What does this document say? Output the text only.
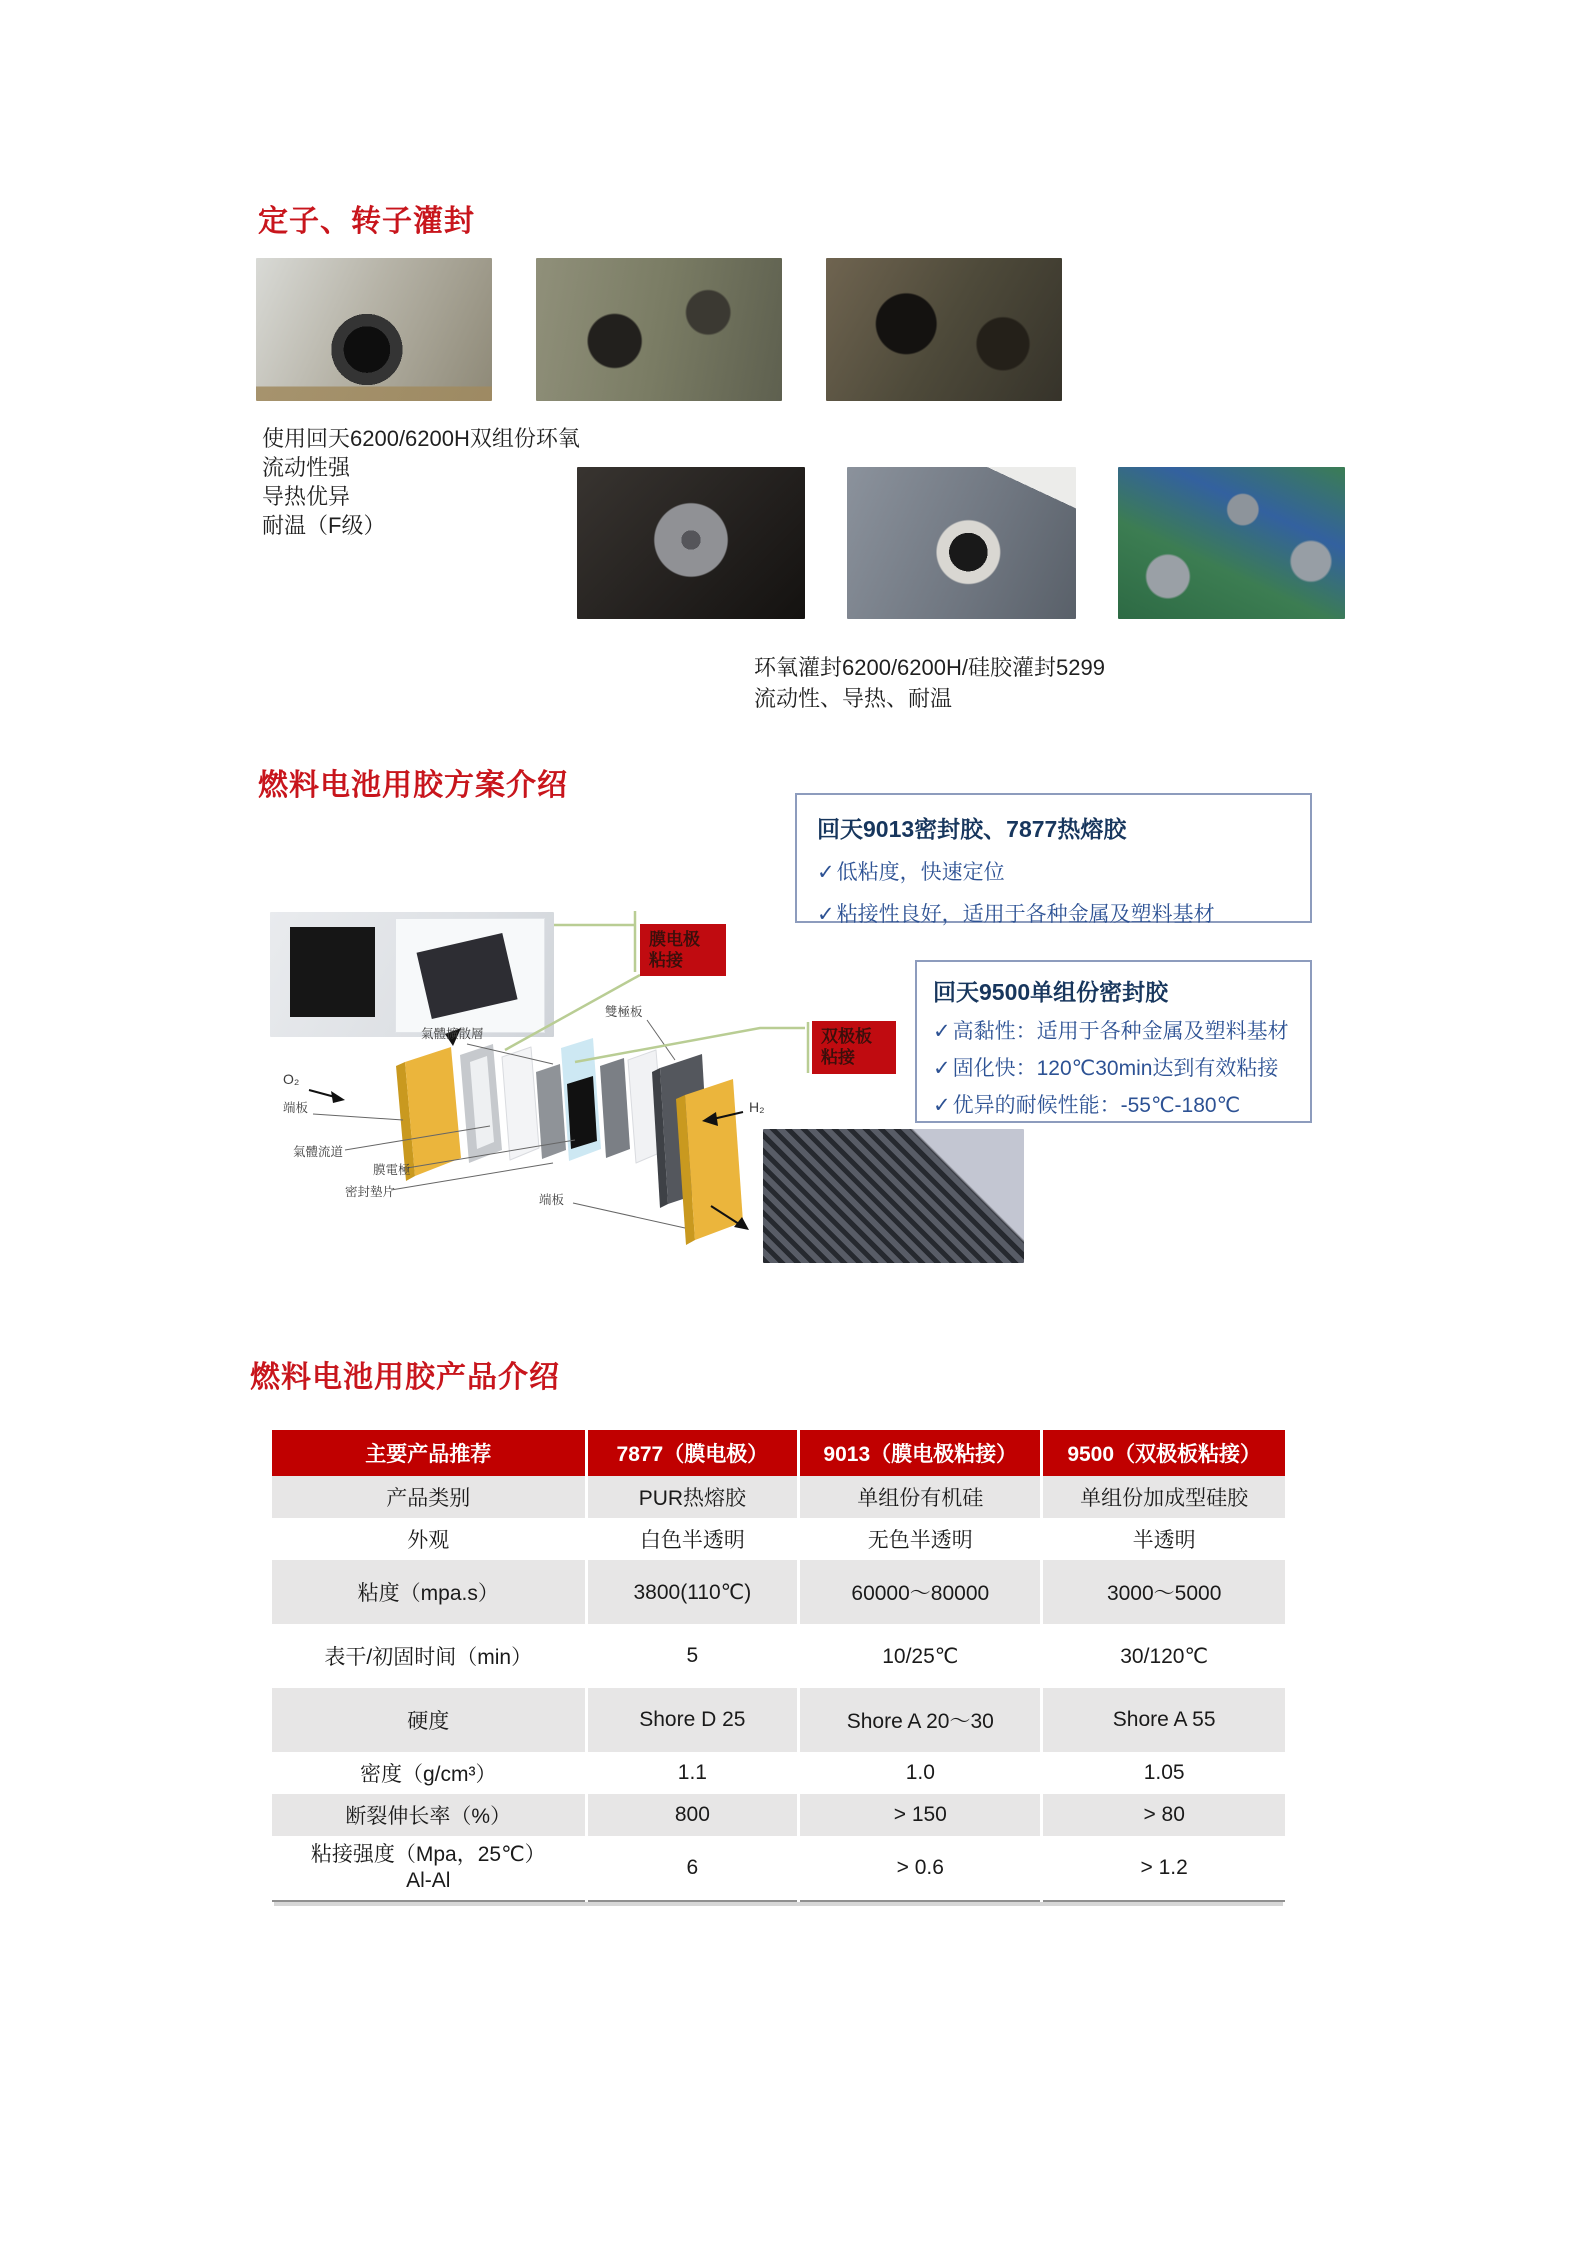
定子、转子灌封
使用回天6200/6200H双组份环氧
流动性强
导热优异
耐温（F级）
环氧灌封6200/6200H/硅胶灌封5299
流动性、导热、耐温
燃料电池用胶方案介绍
回天9013密封胶、7877热熔胶
✓低粘度，快速定位
✓粘接性良好，适用于各种金属及塑料基材
回天9500单组份密封胶
✓高黏性：适用于各种金属及塑料基材
✓固化快：120℃30min达到有效粘接
✓优异的耐候性能：-55℃-180℃
膜电极
粘接
双极板
粘接
雙極板
氣體擴散層
O₂
端板
氣體流道
膜電極
密封墊片
端板
H₂
燃料电池用胶产品介绍
主要产品推荐	7877（膜电极）	9013（膜电极粘接）	9500（双极板粘接）
产品类别	PUR热熔胶	单组份有机硅	单组份加成型硅胶
外观	白色半透明	无色半透明	半透明
粘度（mpa.s）	3800(110℃)	60000～80000	3000～5000
表干/初固时间（min）	5	10/25℃	30/120℃
硬度	Shore D 25	Shore A 20～30	Shore A 55
密度（g/cm³）	1.1	1.0	1.05
断裂伸长率（%）	800	> 150	> 80

粘接强度（Mpa，25℃）
Al-Al	6	> 0.6	> 1.2
